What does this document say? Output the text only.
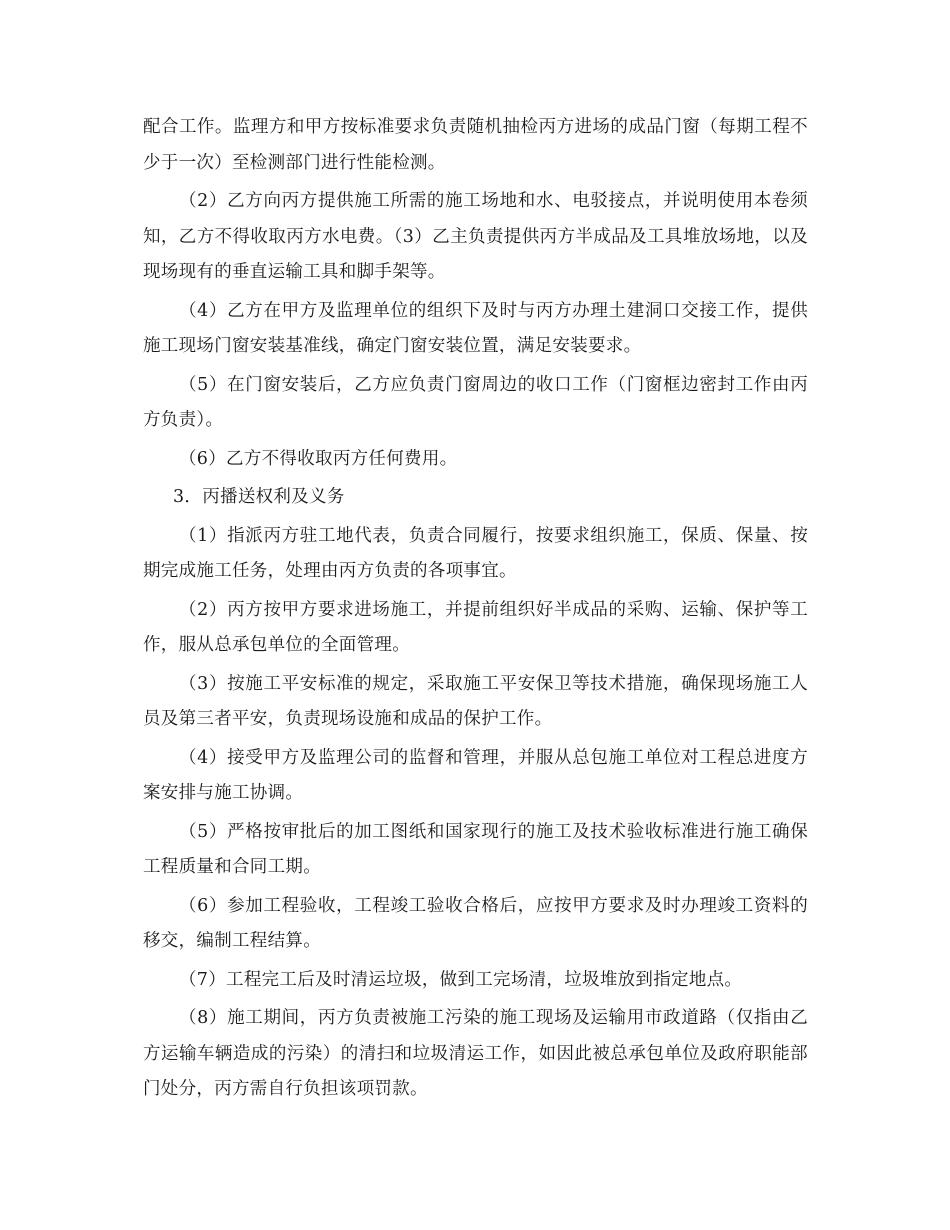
配合工作。监理方和甲方按标准要求负责随机抽检丙方进场的成品门窗（每期工程不少于一次）至检测部门进行性能检测。

（2）乙方向丙方提供施工所需的施工场地和水、电驳接点，并说明使用本卷须知，乙方不得收取丙方水电费。（3）乙主负责提供丙方半成品及工具堆放场地，以及现场现有的垂直运输工具和脚手架等。

（4）乙方在甲方及监理单位的组织下及时与丙方办理土建洞口交接工作，提供施工现场门窗安装基准线，确定门窗安装位置，满足安装要求。

（5）在门窗安装后，乙方应负责门窗周边的收口工作（门窗框边密封工作由丙方负责）。

（6）乙方不得收取丙方任何费用。

3．丙播送权利及义务

（1）指派丙方驻工地代表，负责合同履行，按要求组织施工，保质、保量、按期完成施工任务，处理由丙方负责的各项事宜。

（2）丙方按甲方要求进场施工，并提前组织好半成品的采购、运输、保护等工作，服从总承包单位的全面管理。

（3）按施工平安标准的规定，采取施工平安保卫等技术措施，确保现场施工人员及第三者平安，负责现场设施和成品的保护工作。

（4）接受甲方及监理公司的监督和管理，并服从总包施工单位对工程总进度方案安排与施工协调。

（5）严格按审批后的加工图纸和国家现行的施工及技术验收标准进行施工确保工程质量和合同工期。

（6）参加工程验收，工程竣工验收合格后，应按甲方要求及时办理竣工资料的移交，编制工程结算。

（7）工程完工后及时清运垃圾，做到工完场清，垃圾堆放到指定地点。

（8）施工期间，丙方负责被施工污染的施工现场及运输用市政道路（仅指由乙方运输车辆造成的污染）的清扫和垃圾清运工作，如因此被总承包单位及政府职能部门处分，丙方需自行负担该项罚款。
